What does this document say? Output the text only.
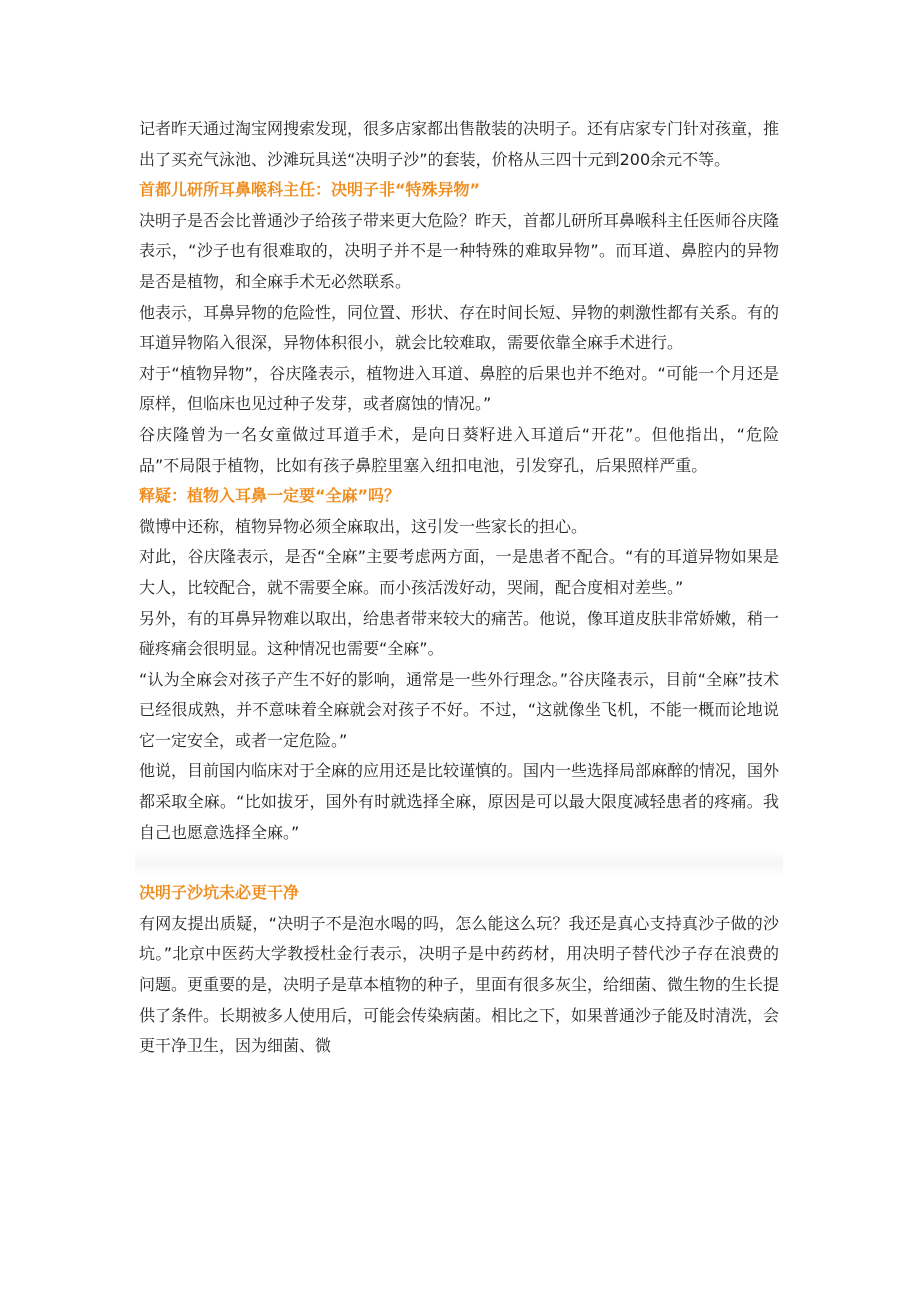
记者昨天通过淘宝网搜索发现，很多店家都出售散装的决明子。还有店家专门针对孩童，推出了买充气泳池、沙滩玩具送“决明子沙”的套装，价格从三四十元到200余元不等。

首都儿研所耳鼻喉科主任：决明子非“特殊异物”

决明子是否会比普通沙子给孩子带来更大危险？昨天，首都儿研所耳鼻喉科主任医师谷庆隆表示，“沙子也有很难取的，决明子并不是一种特殊的难取异物”。而耳道、鼻腔内的异物是否是植物，和全麻手术无必然联系。

他表示，耳鼻异物的危险性，同位置、形状、存在时间长短、异物的刺激性都有关系。有的耳道异物陷入很深，异物体积很小，就会比较难取，需要依靠全麻手术进行。

对于“植物异物”，谷庆隆表示，植物进入耳道、鼻腔的后果也并不绝对。“可能一个月还是原样，但临床也见过种子发芽，或者腐蚀的情况。”

谷庆隆曾为一名女童做过耳道手术，是向日葵籽进入耳道后“开花”。但他指出，“危险品”不局限于植物，比如有孩子鼻腔里塞入纽扣电池，引发穿孔，后果照样严重。

释疑：植物入耳鼻一定要“全麻”吗？

微博中还称，植物异物必须全麻取出，这引发一些家长的担心。

对此，谷庆隆表示，是否“全麻”主要考虑两方面，一是患者不配合。“有的耳道异物如果是大人，比较配合，就不需要全麻。而小孩活泼好动，哭闹，配合度相对差些。”

另外，有的耳鼻异物难以取出，给患者带来较大的痛苦。他说，像耳道皮肤非常娇嫩，稍一碰疼痛会很明显。这种情况也需要“全麻”。

“认为全麻会对孩子产生不好的影响，通常是一些外行理念。”谷庆隆表示，目前“全麻”技术已经很成熟，并不意味着全麻就会对孩子不好。不过，“这就像坐飞机，不能一概而论地说它一定安全，或者一定危险。”

他说，目前国内临床对于全麻的应用还是比较谨慎的。国内一些选择局部麻醉的情况，国外都采取全麻。“比如拔牙，国外有时就选择全麻，原因是可以最大限度减轻患者的疼痛。我自己也愿意选择全麻。”

决明子沙坑未必更干净

有网友提出质疑，“决明子不是泡水喝的吗，怎么能这么玩？我还是真心支持真沙子做的沙坑。”北京中医药大学教授杜金行表示，决明子是中药药材，用决明子替代沙子存在浪费的问题。更重要的是，决明子是草本植物的种子，里面有很多灰尘，给细菌、微生物的生长提供了条件。长期被多人使用后，可能会传染病菌。相比之下，如果普通沙子能及时清洗，会更干净卫生，因为细菌、微
